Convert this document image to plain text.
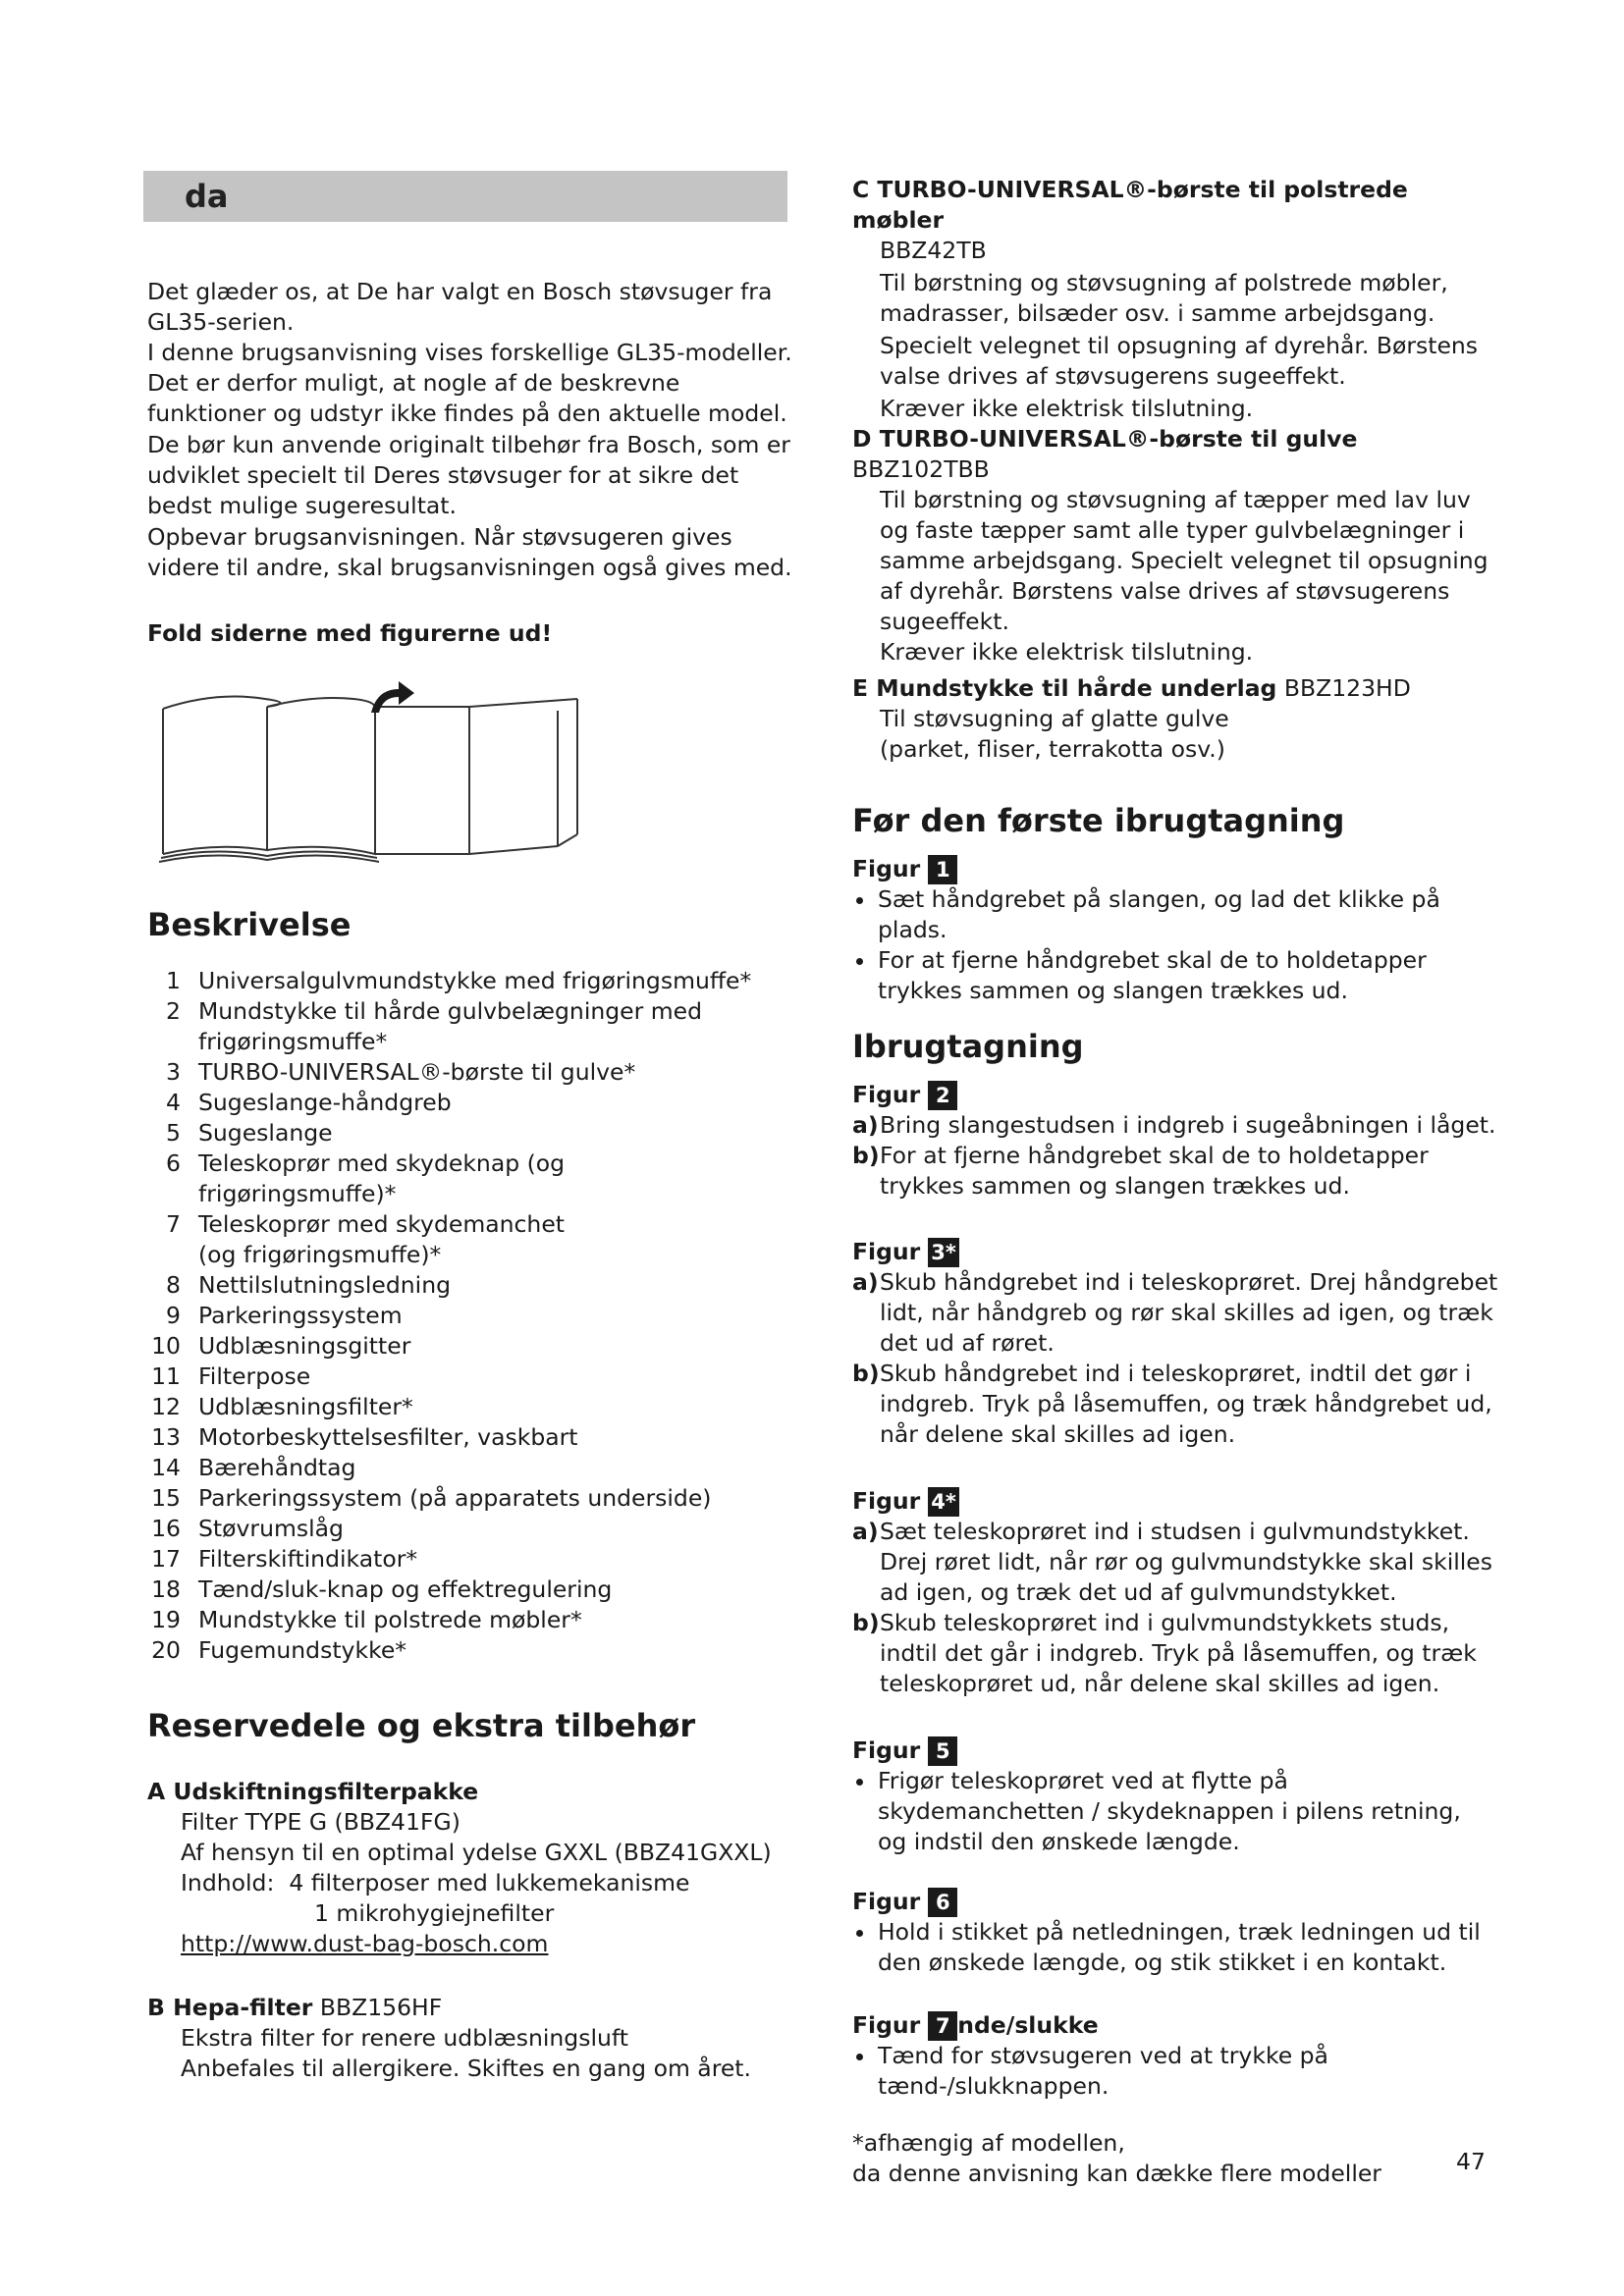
da

Det glæder os, at De har valgt en Bosch støvsuger fra GL35-serien.

I denne brugsanvisning vises forskellige GL35-modeller. Det er derfor muligt, at nogle af de beskrevne funktioner og udstyr ikke findes på den aktuelle model.

De bør kun anvende originalt tilbehør fra Bosch, som er udviklet specielt til Deres støvsuger for at sikre det bedst mulige sugeresultat.

Opbevar brugsanvisningen. Når støvsugeren gives videre til andre, skal brugsanvisningen også gives med.

Fold siderne med figurerne ud!

Beskrivelse
1 Universalgulvmundstykke med frigøringsmuffe*
2 Mundstykke til hårde gulvbelægninger med frigøringsmuffe*
3 TURBO-UNIVERSAL®-børste til gulve*
4 Sugeslange-håndgreb
5 Sugeslange
6 Teleskoprør med skydeknap (og frigøringsmuffe)*
7 Teleskoprør med skydemanchet (og frigøringsmuffe)*
8 Nettilslutningsledning
9 Parkeringssystem
10 Udblæsningsgitter
11 Filterpose
12 Udblæsningsfilter*
13 Motorbeskyttelsesfilter, vaskbart
14 Bærehåndtag
15 Parkeringssystem (på apparatets underside)
16 Støvrumslåg
17 Filterskiftindikator*
18 Tænd/sluk-knap og effektregulering
19 Mundstykke til polstrede møbler*
20 Fugemundstykke*
Reservedele og ekstra tilbehør

A Udskiftningsfilterpakke

Filter TYPE G (BBZ41FG)

Af hensyn til en optimal ydelse GXXL (BBZ41GXXL)

Indhold:  4 filterposer med lukkemekanisme

1 mikrohygiejnefilter

http://www.dust-bag-bosch.com

B Hepa-filter BBZ156HF

Ekstra filter for renere udblæsningsluft

Anbefales til allergikere. Skiftes en gang om året.

C TURBO-UNIVERSAL®-børste til polstrede møbler

BBZ42TB

Til børstning og støvsugning af polstrede møbler, madrasser, bilsæder osv. i samme arbejdsgang.

Specielt velegnet til opsugning af dyrehår. Børstens valse drives af støvsugerens sugeeffekt.

Kræver ikke elektrisk tilslutning.

D TURBO-UNIVERSAL®-børste til gulve BBZ102TBB

Til børstning og støvsugning af tæpper med lav luv og faste tæpper samt alle typer gulvbelægninger i samme arbejdsgang. Specielt velegnet til opsugning af dyrehår. Børstens valse drives af støvsugerens sugeeffekt.

Kræver ikke elektrisk tilslutning.

E Mundstykke til hårde underlag BBZ123HD

Til støvsugning af glatte gulve

(parket, fliser, terrakotta osv.)

Før den første ibrugtagning
Figur 1
Sæt håndgrebet på slangen, og lad det klikke på plads.
For at fjerne håndgrebet skal de to holdetapper trykkes sammen og slangen trækkes ud.
Ibrugtagning
Figur 2

a) Bring slangestudsen i indgreb i sugeåbningen i låget.

b) For at fjerne håndgrebet skal de to holdetapper trykkes sammen og slangen trækkes ud.

Figur 3*

a) Skub håndgrebet ind i teleskoprøret. Drej håndgrebet lidt, når håndgreb og rør skal skilles ad igen, og træk det ud af røret.

b) Skub håndgrebet ind i teleskoprøret, indtil det gør i indgreb. Tryk på låsemuffen, og træk håndgrebet ud, når delene skal skilles ad igen.

Figur 4*

a) Sæt teleskoprøret ind i studsen i gulvmundstykket. Drej røret lidt, når rør og gulvmundstykke skal skilles ad igen, og træk det ud af gulvmundstykket.

b) Skub teleskoprøret ind i gulvmundstykkets studs, indtil det går i indgreb. Tryk på låsemuffen, og træk teleskoprøret ud, når delene skal skilles ad igen.

Figur 5
Frigør teleskoprøret ved at flytte på skydemanchetten / skydeknappen i pilens retning, og indstil den ønskede længde.
Figur 6
Hold i stikket på netledningen, træk ledningen ud til den ønskede længde, og stik stikket i en kontakt.
Figur 7 nde/slukke
Tænd for støvsugeren ved at trykke på tænd-/slukknappen.

*afhængig af modellen,

da denne anvisning kan dække flere modeller	47
